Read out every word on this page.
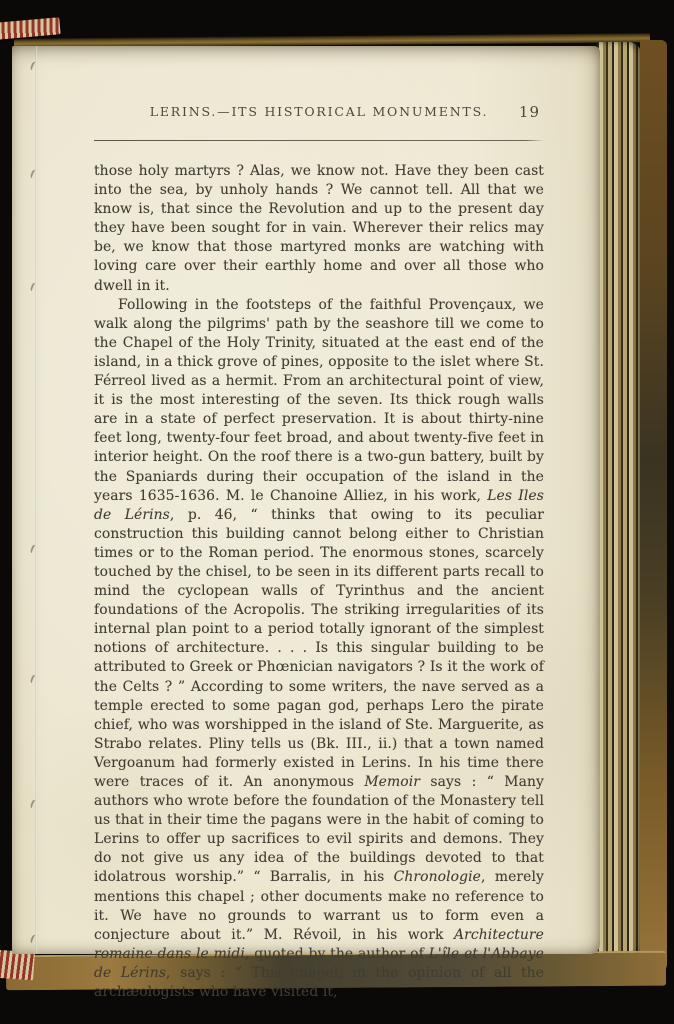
LERINS.—ITS HISTORICAL MONUMENTS. 19

those holy martyrs ? Alas, we know not. Have they been cast into the sea, by unholy hands ? We cannot tell. All that we know is, that since the Revolution and up to the present day they have been sought for in vain. Wherever their relics may be, we know that those martyred monks are watching with loving care over their earthly home and over all those who dwell in it.

Following in the footsteps of the faithful Provençaux, we walk along the pilgrims' path by the seashore till we come to the Chapel of the Holy Trinity, situated at the east end of the island, in a thick grove of pines, opposite to the islet where St. Férreol lived as a hermit. From an architectural point of view, it is the most interesting of the seven. Its thick rough walls are in a state of perfect preservation. It is about thirty-nine feet long, twenty-four feet broad, and about twenty-five feet in interior height. On the roof there is a two-gun battery, built by the Spaniards during their occupation of the island in the years 1635-1636. M. le Chanoine Alliez, in his work, Les Iles de Lérins, p. 46, “ thinks that owing to its peculiar construction this building cannot belong either to Christian times or to the Roman period. The enormous stones, scarcely touched by the chisel, to be seen in its different parts recall to mind the cyclopean walls of Tyrinthus and the ancient foundations of the Acropolis. The striking irregularities of its internal plan point to a period totally ignorant of the simplest notions of architecture. . . . Is this singular building to be attributed to Greek or Phœnician navigators ? Is it the work of the Celts ? ” According to some writers, the nave served as a temple erected to some pagan god, perhaps Lero the pirate chief, who was worshipped in the island of Ste. Marguerite, as Strabo relates. Pliny tells us (Bk. III., ii.) that a town named Vergoanum had formerly existed in Lerins. In his time there were traces of it. An anonymous Memoir says : “ Many authors who wrote before the foundation of the Monastery tell us that in their time the pagans were in the habit of coming to Lerins to offer up sacrifices to evil spirits and demons. They do not give us any idea of the buildings devoted to that idolatrous worship.” “ Barralis, in his Chronologie, merely mentions this chapel ; other documents make no reference to it. We have no grounds to warrant us to form even a conjecture about it.” M. Révoil, in his work Architecture romaine dans le midi, quoted by the author of L'île et l'Abbaye de Lérins, says : “ This chapel, in the opinion of all the archæologists who have visited it,
